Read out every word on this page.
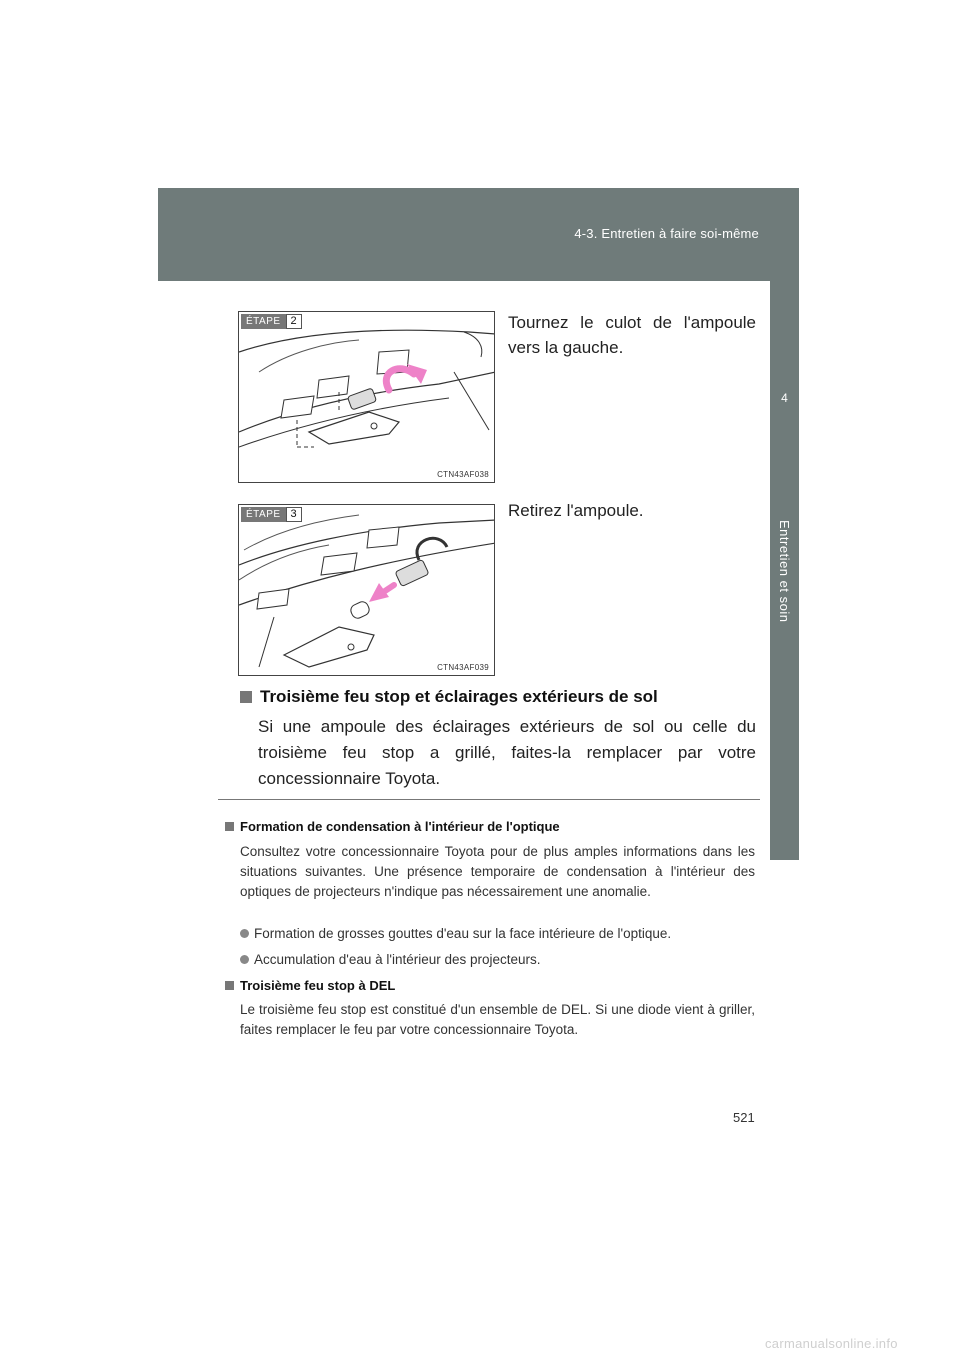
4-3. Entretien à faire soi-même
4
Entretien et soin
ÉTAPE 2
CTN43AF038
Tournez le culot de l'ampoule vers la gauche.
ÉTAPE 3
CTN43AF039
Retirez l'ampoule.
Troisième feu stop et éclairages extérieurs de sol
Si une ampoule des éclairages extérieurs de sol ou celle du troisième feu stop a grillé, faites-la remplacer par votre concessionnaire Toyota.
Formation de condensation à l'intérieur de l'optique
Consultez votre concessionnaire Toyota pour de plus amples informations dans les situations suivantes. Une présence temporaire de condensation à l'intérieur des optiques de projecteurs n'indique pas nécessairement une anomalie.
Formation de grosses gouttes d'eau sur la face intérieure de l'optique.
Accumulation d'eau à l'intérieur des projecteurs.
Troisième feu stop à DEL
Le troisième feu stop est constitué d'un ensemble de DEL. Si une diode vient à griller, faites remplacer le feu par votre concessionnaire Toyota.
521
carmanualsonline.info
